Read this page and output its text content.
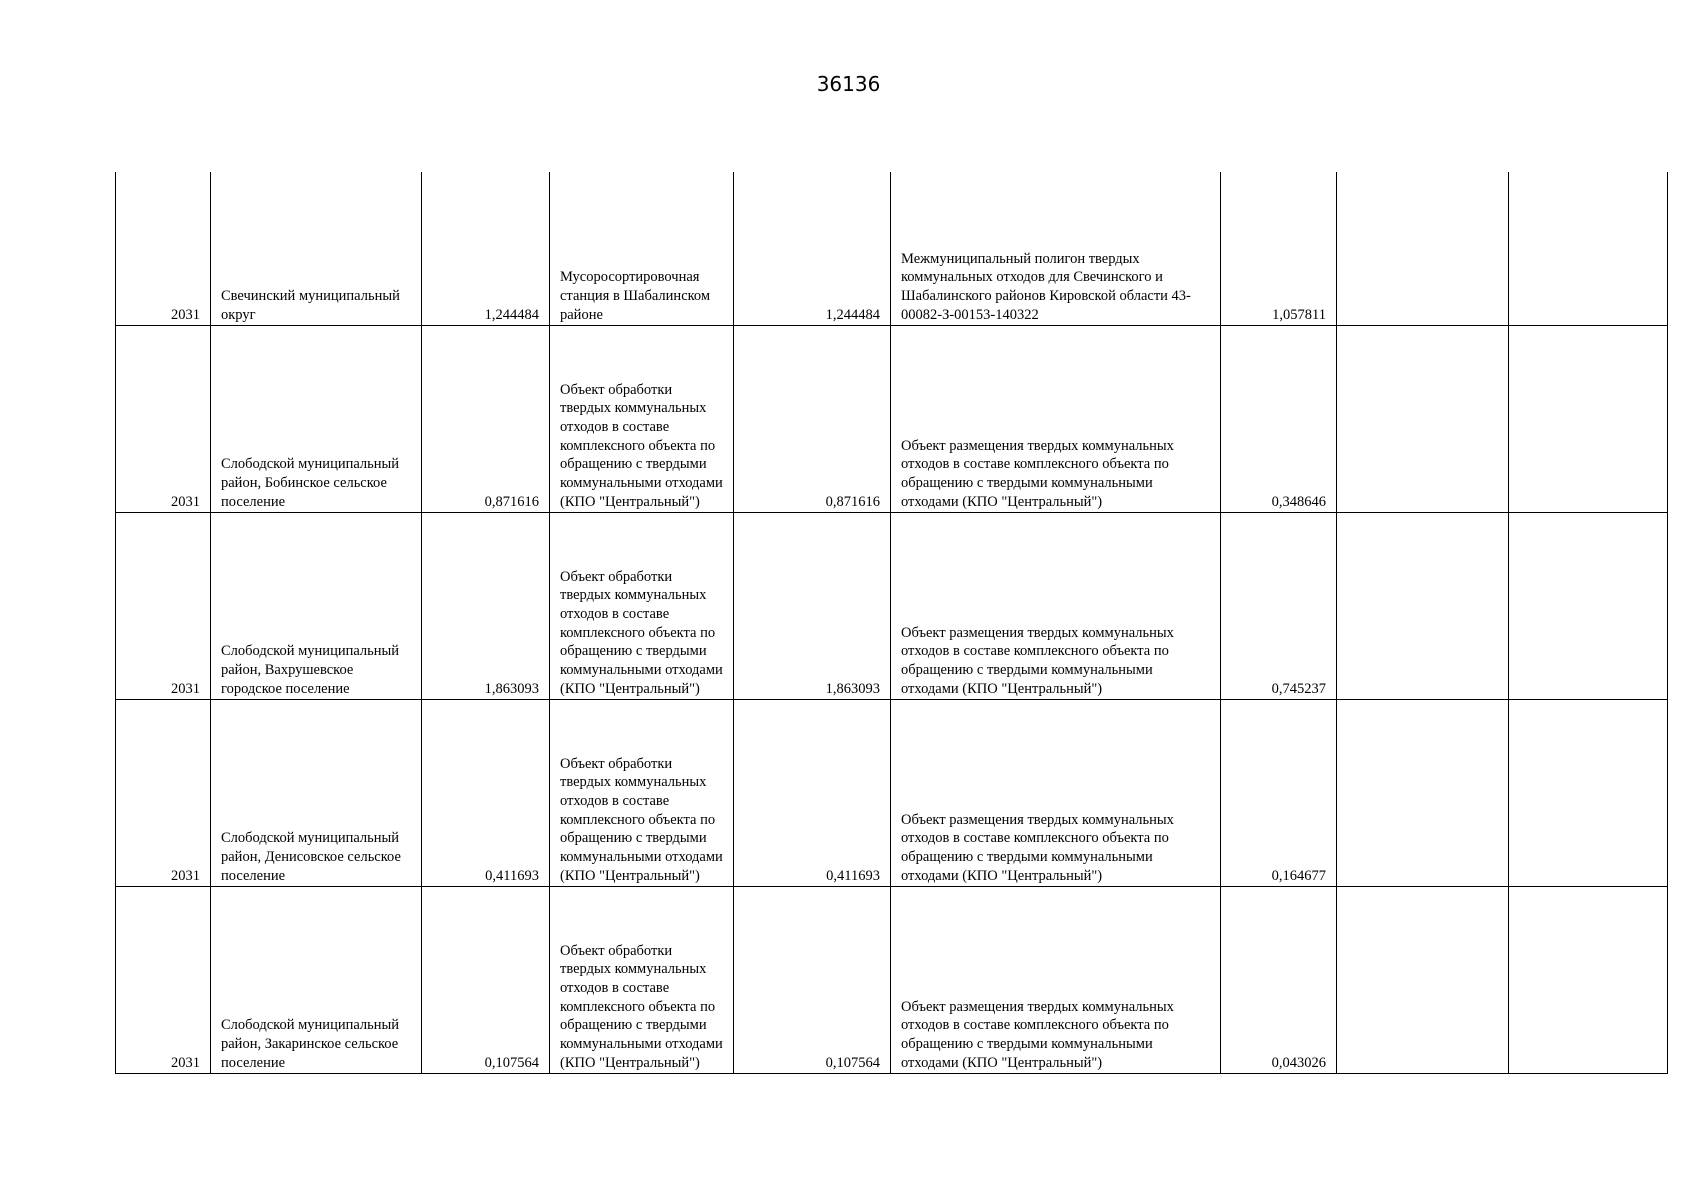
36136
2031	Свечинский муниципальный округ	1,244484	Мусоросортировочная станция в Шабалинском районе	1,244484	Межмуниципальный полигон твердых коммунальных отходов для Свечинского и Шабалинского районов Кировской области 43-00082-З-00153-140322	1,057811		
2031	Слободской муниципальный район, Бобинское сельское поселение	0,871616	Объект обработки твердых коммунальных отходов в составе комплексного объекта по обращению с твердыми коммунальными отходами (КПО "Центральный")	0,871616	Объект размещения твердых коммунальных отходов в составе комплексного объекта по обращению с твердыми коммунальными отходами (КПО "Центральный")	0,348646		
2031	Слободской муниципальный район, Вахрушевское городское поселение	1,863093	Объект обработки твердых коммунальных отходов в составе комплексного объекта по обращению с твердыми коммунальными отходами (КПО "Центральный")	1,863093	Объект размещения твердых коммунальных отходов в составе комплексного объекта по обращению с твердыми коммунальными отходами (КПО "Центральный")	0,745237		
2031	Слободской муниципальный район, Денисовское сельское поселение	0,411693	Объект обработки твердых коммунальных отходов в составе комплексного объекта по обращению с твердыми коммунальными отходами (КПО "Центральный")	0,411693	Объект размещения твердых коммунальных отходов в составе комплексного объекта по обращению с твердыми коммунальными отходами (КПО "Центральный")	0,164677		
2031	Слободской муниципальный район, Закаринское сельское поселение	0,107564	Объект обработки твердых коммунальных отходов в составе комплексного объекта по обращению с твердыми коммунальными отходами (КПО "Центральный")	0,107564	Объект размещения твердых коммунальных отходов в составе комплексного объекта по обращению с твердыми коммунальными отходами (КПО "Центральный")	0,043026		
